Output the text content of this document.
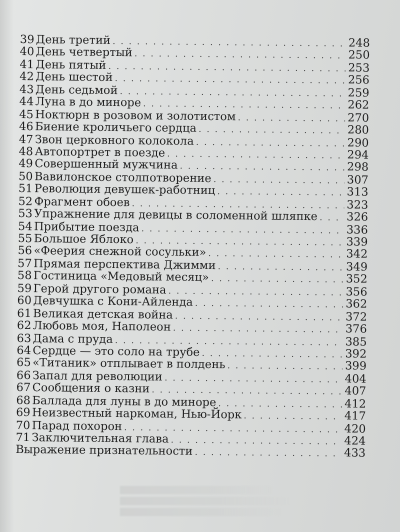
39 День третий . . .	248
40 День четвертый . . .	250
41 День пятый . . .	253
42 День шестой . . .	256
43 День седьмой . . .	259
44 Луна в до миноре . . .	262
45 Ноктюрн в розовом и золотистом . . .	270
46 Биение кроличьего сердца . . .	280
47 Звон церковного колокола . . .	290
48 Автопортрет в поезде . . .	294
49 Совершенный мужчина . . .	298
50 Вавилонское столпотворение . . .	307
51 Революция девушек-работниц . . .	313
52 Фрагмент обоев . . .	323
53 Упражнение для девицы в соломенной шляпке . . .	326
54 Прибытие поезда . . .	336
55 Большое Яблоко . . .	339
56 «Феерия снежной сосульки» . . .	342
57 Прямая перспектива Джимми . . .	349
58 Гостиница «Медовый месяц» . . .	352
59 Герой другого романа . . .	356
60 Девчушка с Кони-Айленда . . .	362
61 Великая детская война . . .	372
62 Любовь моя, Наполеон . . .	376
63 Дама с пруда . . .	385
64 Сердце — это соло на трубе . . .	392
65 «Титаник» отплывает в полдень . . .	399
66 Запал для революции . . .	404
67 Сообщения о казни . . .	407
68 Баллада для луны в до миноре . . .	412
69 Неизвестный наркоман, Нью-Йорк . . .	417
70 Парад похорон . . .	420
71 Заключительная глава . . .	424
Выражение признательности . . .	433
